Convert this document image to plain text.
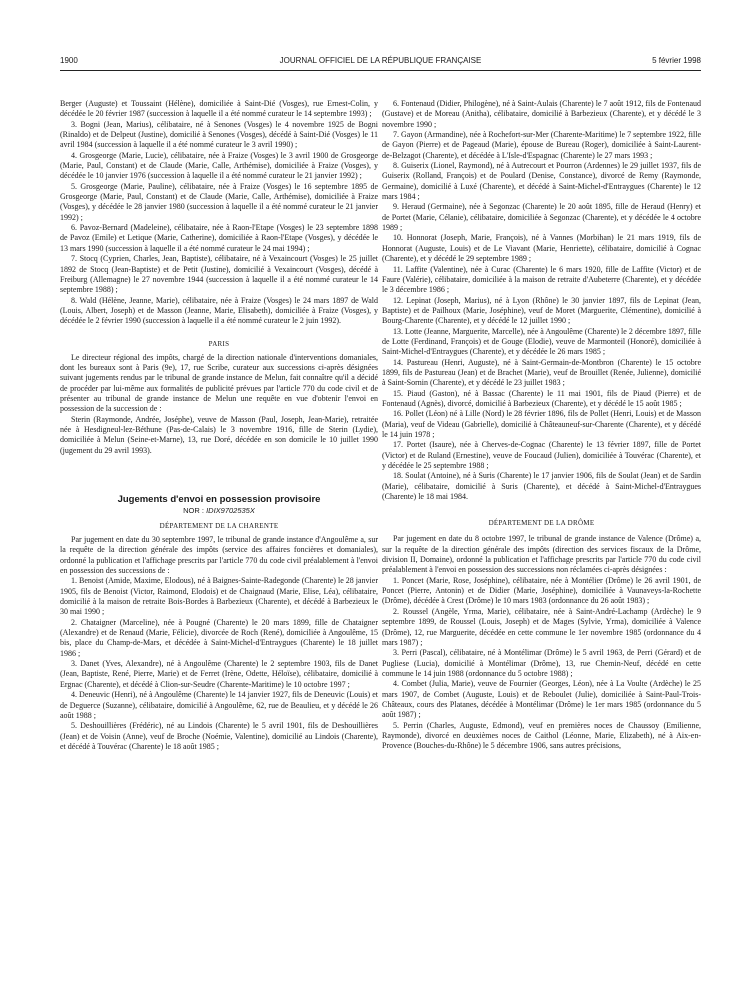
1900	JOURNAL OFFICIEL DE LA RÉPUBLIQUE FRANÇAISE	5 février 1998

Berger (Auguste) et Toussaint (Hélène), domiciliée à Saint-Dié (Vosges), rue Ernest-Colin, y décédée le 20 février 1987 (succession à laquelle il a été nommé curateur le 14 septembre 1993) ;

3. Bogni (Jean, Marius), célibataire, né à Senones (Vosges) le 4 novembre 1925 de Bogni (Rinaldo) et de Delpeut (Justine), domicilié à Senones (Vosges), décédé à Saint-Dié (Vosges) le 11 avril 1984 (succession à laquelle il a été nommé curateur le 3 avril 1990) ;

4. Grosgeorge (Marie, Lucie), célibataire, née à Fraize (Vosges) le 3 avril 1900 de Grosgeorge (Marie, Paul, Constant) et de Claude (Marie, Calle, Arthémise), domiciliée à Fraize (Vosges), y décédée le 10 janvier 1976 (succession à laquelle il a été nommé curateur le 21 janvier 1992) ;

5. Grosgeorge (Marie, Pauline), célibataire, née à Fraize (Vosges) le 16 septembre 1895 de Grosgeorge (Marie, Paul, Constant) et de Claude (Marie, Calle, Arthémise), domiciliée à Fraize (Vosges), y décédée le 28 janvier 1980 (succession à laquelle il a été nommé curateur le 21 janvier 1992) ;

6. Pavoz-Bernard (Madeleine), célibataire, née à Raon-l'Etape (Vosges) le 23 septembre 1898 de Pavoz (Emile) et Letique (Marie, Catherine), domiciliée à Raon-l'Etape (Vosges), y décédée le 13 mars 1990 (succession à laquelle il a été nommé curateur le 24 mai 1994) ;

7. Stocq (Cyprien, Charles, Jean, Baptiste), célibataire, né à Vexaincourt (Vosges) le 25 juillet 1892 de Stocq (Jean-Baptiste) et de Petit (Justine), domicilié à Vexaincourt (Vosges), décédé à Freiburg (Allemagne) le 27 novembre 1944 (succession à laquelle il a été nommé curateur le 14 septembre 1988) ;

8. Wald (Hélène, Jeanne, Marie), célibataire, née à Fraize (Vosges) le 24 mars 1897 de Wald (Louis, Albert, Joseph) et de Masson (Jeanne, Marie, Elisabeth), domiciliée à Fraize (Vosges), y décédée le 2 février 1990 (succession à laquelle il a été nommé curateur le 2 juin 1992).

PARIS

Le directeur régional des impôts, chargé de la direction nationale d'interventions domaniales, dont les bureaux sont à Paris (9e), 17, rue Scribe, curateur aux successions ci-après désignées suivant jugements rendus par le tribunal de grande instance de Melun, fait connaître qu'il a décidé de procéder par lui-même aux formalités de publicité prévues par l'article 770 du code civil et de présenter au tribunal de grande instance de Melun une requête en vue d'obtenir l'envoi en possession de la succession de :

Sterin (Raymonde, Andrée, Joséphe), veuve de Masson (Paul, Joseph, Jean-Marie), retraitée née à Hesdigneul-lez-Béthune (Pas-de-Calais) le 3 novembre 1916, fille de Sterin (Lydie), domiciliée à Melun (Seine-et-Marne), 13, rue Doré, décédée en son domicile le 10 juillet 1990 (jugement du 29 avril 1993).

Jugements d'envoi en possession provisoire
NOR : IDIX9702535X
DÉPARTEMENT DE LA CHARENTE

Par jugement en date du 30 septembre 1997, le tribunal de grande instance d'Angoulême a, sur la requête de la direction générale des impôts (service des affaires foncières et domaniales), ordonné la publication et l'affichage prescrits par l'article 770 du code civil préalablement à l'envoi en possession des successions de :

1. Benoist (Amide, Maxime, Elodous), né à Baignes-Sainte-Radegonde (Charente) le 28 janvier 1905, fils de Benoist (Victor, Raimond, Elodois) et de Chaignaud (Marie, Elise, Léa), célibataire, domicilié à la maison de retraite Bois-Bordes à Barbezieux (Charente), et décédé à Barbezieux le 30 mai 1990 ;

2. Chataigner (Marceline), née à Pougné (Charente) le 20 mars 1899, fille de Chataigner (Alexandre) et de Renaud (Marie, Félicie), divorcée de Roch (René), domiciliée à Angoulême, 15 bis, place du Champ-de-Mars, et décédée à Saint-Michel-d'Entraygues (Charente) le 18 juillet 1986 ;

3. Danet (Yves, Alexandre), né à Angoulême (Charente) le 2 septembre 1903, fils de Danet (Jean, Baptiste, René, Pierre, Marie) et de Ferret (Irène, Odette, Héloïse), célibataire, domicilié à Ergnac (Charente), et décédé à Clion-sur-Seudre (Charente-Maritime) le 10 octobre 1997 ;

4. Deneuvic (Henri), né à Angoulême (Charente) le 14 janvier 1927, fils de Deneuvic (Louis) et de Deguerce (Suzanne), célibataire, domicilié à Angoulême, 62, rue de Beaulieu, et y décédé le 26 août 1988 ;

5. Deshouillières (Frédéric), né au Lindois (Charente) le 5 avril 1901, fils de Deshouillières (Jean) et de Voisin (Anne), veuf de Broche (Noémie, Valentine), domicilié au Lindois (Charente), et décédé à Touvérac (Charente) le 18 août 1985 ;

6. Fontenaud (Didier, Philogène), né à Saint-Aulais (Charente) le 7 août 1912, fils de Fontenaud (Gustave) et de Moreau (Anitha), célibataire, domicilié à Barbezieux (Charente), et y décédé le 3 novembre 1990 ;

7. Gayon (Armandine), née à Rochefort-sur-Mer (Charente-Maritime) le 7 septembre 1922, fille de Gayon (Pierre) et de Pageaud (Marie), épouse de Bureau (Roger), domiciliée à Saint-Laurent-de-Belzagot (Charente), et décédée à L'Isle-d'Espagnac (Charente) le 27 mars 1993 ;

8. Guiserix (Lionel, Raymond), né à Autrecourt et Pourron (Ardennes) le 29 juillet 1937, fils de Guiserix (Rolland, François) et de Poulard (Denise, Constance), divorcé de Remy (Raymonde, Germaine), domicilié à Luxé (Charente), et décédé à Saint-Michel-d'Entraygues (Charente) le 12 mars 1984 ;

9. Heraud (Germaine), née à Segonzac (Charente) le 20 août 1895, fille de Heraud (Henry) et de Portet (Marie, Célanie), célibataire, domiciliée à Segonzac (Charente), et y décédée le 4 octobre 1989 ;

10. Honnorat (Joseph, Marie, François), né à Vannes (Morbihan) le 21 mars 1919, fils de Honnorat (Auguste, Louis) et de Le Viavant (Marie, Henriette), célibataire, domicilié à Cognac (Charente), et y décédé le 29 septembre 1989 ;

11. Laffite (Valentine), née à Curac (Charente) le 6 mars 1920, fille de Laffite (Victor) et de Faure (Valérie), célibataire, domiciliée à la maison de retraite d'Aubeterre (Charente), et y décédée le 3 décembre 1986 ;

12. Lepinat (Joseph, Marius), né à Lyon (Rhône) le 30 janvier 1897, fils de Lepinat (Jean, Baptiste) et de Pailhoux (Marie, Joséphine), veuf de Moret (Marguerite, Clémentine), domicilié à Bourg-Charente (Charente), et y décédé le 12 juillet 1990 ;

13. Lotte (Jeanne, Marguerite, Marcelle), née à Angoulême (Charente) le 2 décembre 1897, fille de Lotte (Ferdinand, François) et de Gouge (Elodie), veuve de Marmonteil (Honoré), domiciliée à Saint-Michel-d'Entraygues (Charente), et y décédée le 26 mars 1985 ;

14. Pastureau (Henri, Auguste), né à Saint-Germain-de-Montbron (Charente) le 15 octobre 1899, fils de Pastureau (Jean) et de Brachet (Marie), veuf de Brouillet (Renée, Julienne), domicilié à Saint-Sornin (Charente), et y décédé le 23 juillet 1983 ;

15. Piaud (Gaston), né à Bassac (Charente) le 11 mai 1901, fils de Piaud (Pierre) et de Fontenaud (Agnès), divorcé, domicilié à Barbezieux (Charente), et y décédé le 15 août 1985 ;

16. Pollet (Léon) né à Lille (Nord) le 28 février 1896, fils de Pollet (Henri, Louis) et de Masson (Maria), veuf de Videau (Gabrielle), domicilié à Châteauneuf-sur-Charente (Charente), et y décédé le 14 juin 1978 ;

17. Portet (Isaure), née à Cherves-de-Cognac (Charente) le 13 février 1897, fille de Portet (Victor) et de Ruland (Ernestine), veuve de Foucaud (Julien), domiciliée à Touvérac (Charente), et y décédée le 25 septembre 1988 ;

18. Soulat (Antoine), né à Suris (Charente) le 17 janvier 1906, fils de Soulat (Jean) et de Sardin (Marie), célibataire, domicilié à Suris (Charente), et décédé à Saint-Michel-d'Entraygues (Charente) le 18 mai 1984.

DÉPARTEMENT DE LA DRÔME

Par jugement en date du 8 octobre 1997, le tribunal de grande instance de Valence (Drôme) a, sur la requête de la direction générale des impôts (direction des services fiscaux de la Drôme, division II, Domaine), ordonné la publication et l'affichage prescrits par l'article 770 du code civil préalablement à l'envoi en possession des successions non réclamées ci-après désignées :

1. Poncet (Marie, Rose, Joséphine), célibataire, née à Montélier (Drôme) le 26 avril 1901, de Poncet (Pierre, Antonin) et de Didier (Marie, Joséphine), domiciliée à Vaunaveys-la-Rochette (Drôme), décédée à Crest (Drôme) le 10 mars 1983 (ordonnance du 26 août 1983) ;

2. Roussel (Angèle, Yrma, Marie), célibataire, née à Saint-André-Lachamp (Ardèche) le 9 septembre 1899, de Roussel (Louis, Joseph) et de Mages (Sylvie, Yrma), domiciliée à Valence (Drôme), 12, rue Marguerite, décédée en cette commune le 1er novembre 1985 (ordonnance du 4 mars 1987) ;

3. Perri (Pascal), célibataire, né à Montélimar (Drôme) le 5 avril 1963, de Perri (Gérard) et de Pugliese (Lucia), domicilié à Montélimar (Drôme), 13, rue Chemin-Neuf, décédé en cette commune le 14 juin 1988 (ordonnance du 5 octobre 1988) ;

4. Combet (Julia, Marie), veuve de Fournier (Georges, Léon), née à La Voulte (Ardèche) le 25 mars 1907, de Combet (Auguste, Louis) et de Reboulet (Julie), domiciliée à Saint-Paul-Trois-Châteaux, cours des Platanes, décédée à Montélimar (Drôme) le 1er mars 1985 (ordonnance du 5 août 1987) ;

5. Perrin (Charles, Auguste, Edmond), veuf en premières noces de Chaussoy (Emilienne, Raymonde), divorcé en deuxièmes noces de Caithol (Léonne, Marie, Elizabeth), né à Aix-en-Provence (Bouches-du-Rhône) le 5 décembre 1906, sans autres précisions,
